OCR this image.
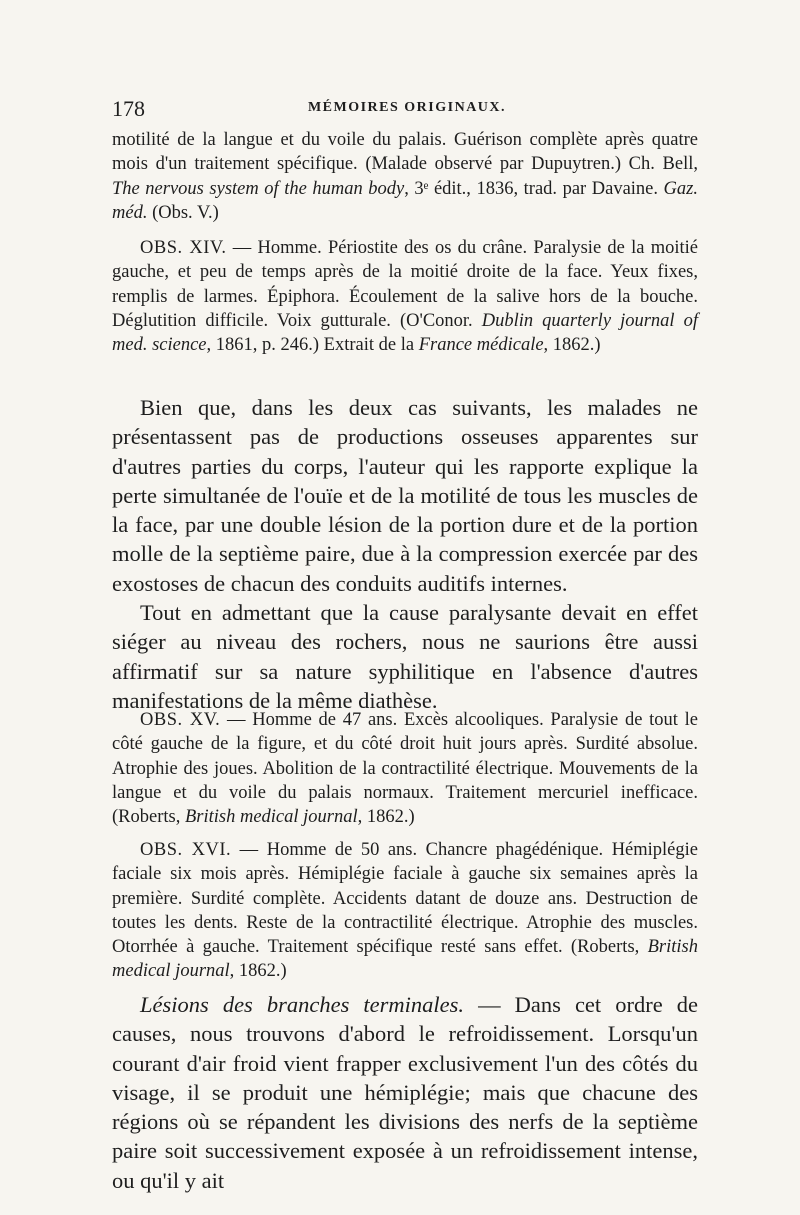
178	MÉMOIRES ORIGINAUX.

motilité de la langue et du voile du palais. Guérison complète après quatre mois d'un traitement spécifique. (Malade observé par Dupuytren.) Ch. Bell, The nervous system of the human body, 3ᵉ édit., 1836, trad. par Davaine. Gaz. méd. (Obs. V.)

OBS. XIV. — Homme. Périostite des os du crâne. Paralysie de la moitié gauche, et peu de temps après de la moitié droite de la face. Yeux fixes, remplis de larmes. Épiphora. Écoulement de la salive hors de la bouche. Déglutition difficile. Voix gutturale. (O'Conor. Dublin quarterly journal of med. science, 1861, p. 246.) Extrait de la France médicale, 1862.)

Bien que, dans les deux cas suivants, les malades ne présentassent pas de productions osseuses apparentes sur d'autres parties du corps, l'auteur qui les rapporte explique la perte simultanée de l'ouïe et de la motilité de tous les muscles de la face, par une double lésion de la portion dure et de la portion molle de la septième paire, due à la compression exercée par des exostoses de chacun des conduits auditifs internes.

Tout en admettant que la cause paralysante devait en effet siéger au niveau des rochers, nous ne saurions être aussi affirmatif sur sa nature syphilitique en l'absence d'autres manifestations de la même diathèse.

OBS. XV. — Homme de 47 ans. Excès alcooliques. Paralysie de tout le côté gauche de la figure, et du côté droit huit jours après. Surdité absolue. Atrophie des joues. Abolition de la contractilité électrique. Mouvements de la langue et du voile du palais normaux. Traitement mercuriel inefficace. (Roberts, British medical journal, 1862.)

OBS. XVI. — Homme de 50 ans. Chancre phagédénique. Hémiplégie faciale six mois après. Hémiplégie faciale à gauche six semaines après la première. Surdité complète. Accidents datant de douze ans. Destruction de toutes les dents. Reste de la contractilité électrique. Atrophie des muscles. Otorrhée à gauche. Traitement spécifique resté sans effet. (Roberts, British medical journal, 1862.)

Lésions des branches terminales. — Dans cet ordre de causes, nous trouvons d'abord le refroidissement. Lorsqu'un courant d'air froid vient frapper exclusivement l'un des côtés du visage, il se produit une hémiplégie; mais que chacune des régions où se répandent les divisions des nerfs de la septième paire soit successivement exposée à un refroidissement intense, ou qu'il y ait
